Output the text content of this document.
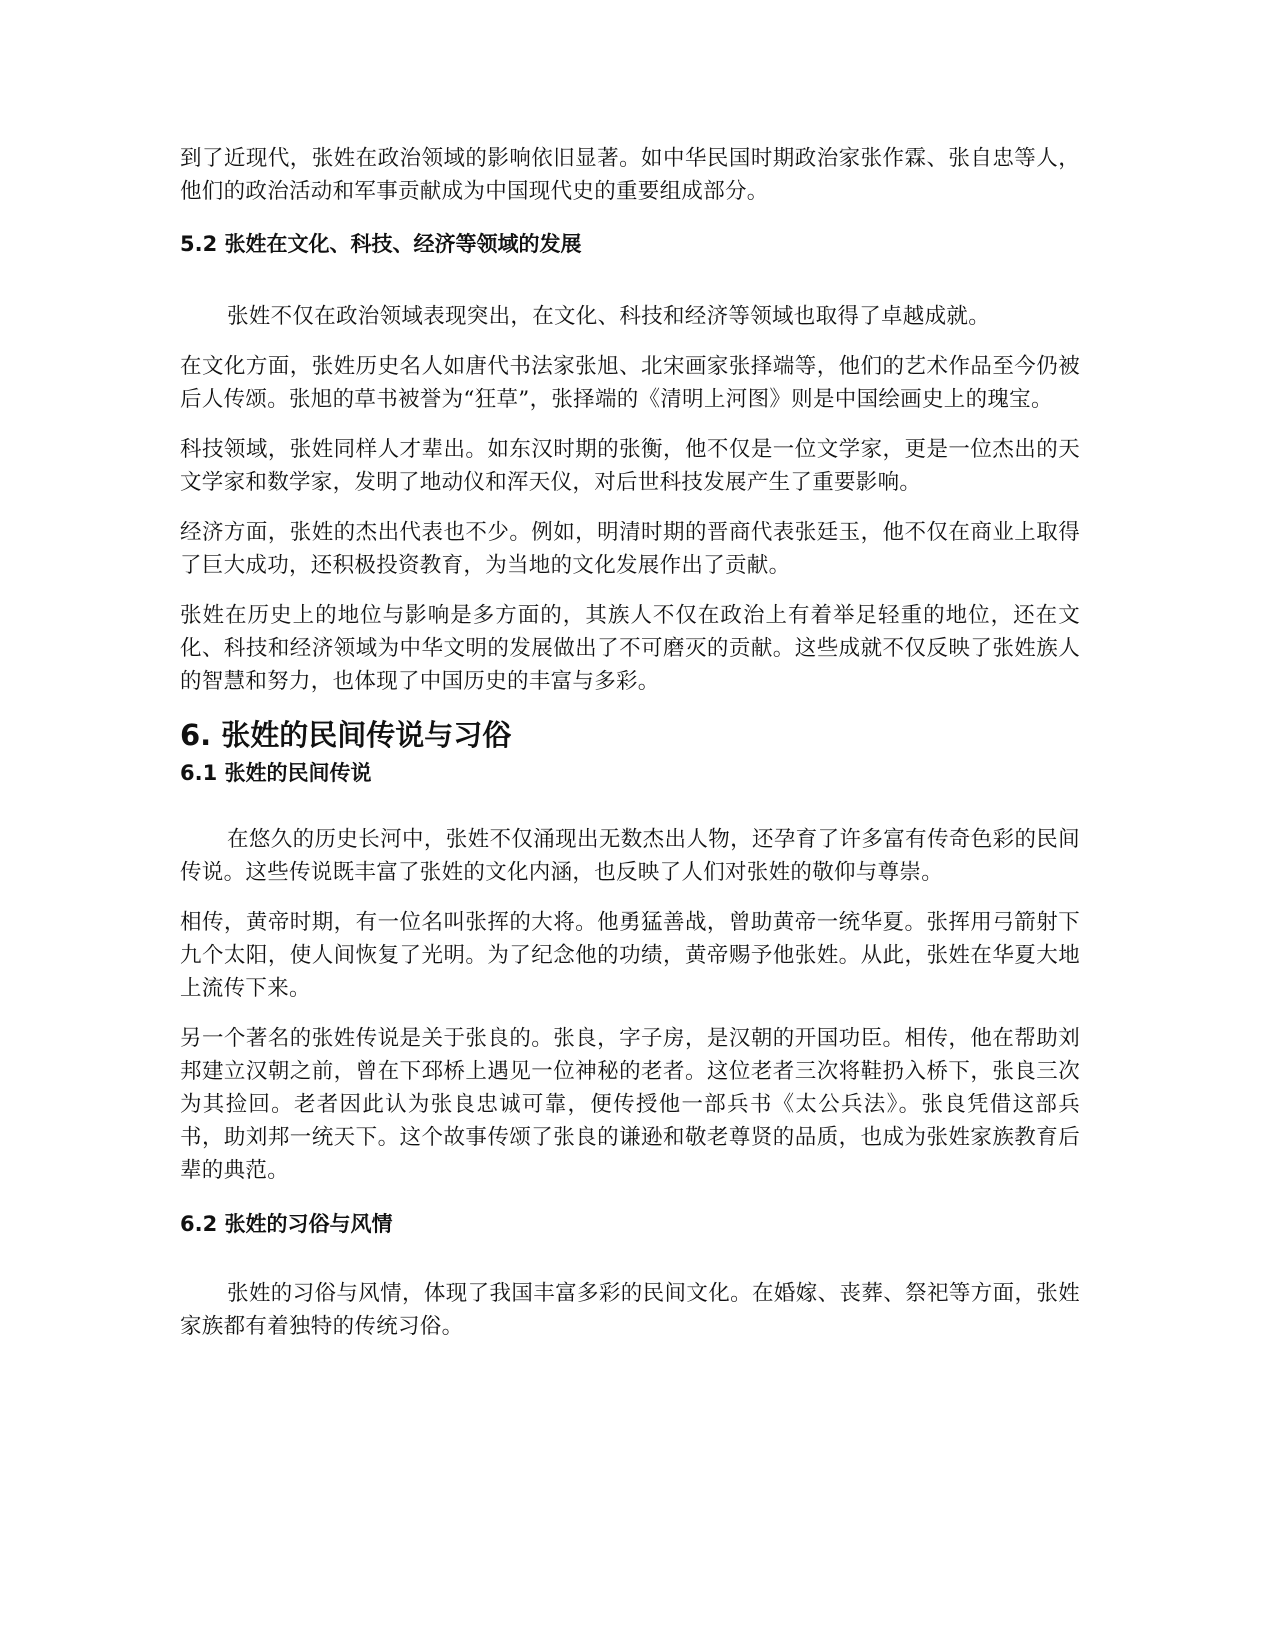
到了近现代，张姓在政治领域的影响依旧显著。如中华民国时期政治家张作霖、张自忠等人，他们的政治活动和军事贡献成为中国现代史的重要组成部分。

5.2 张姓在文化、科技、经济等领域的发展

张姓不仅在政治领域表现突出，在文化、科技和经济等领域也取得了卓越成就。

在文化方面，张姓历史名人如唐代书法家张旭、北宋画家张择端等，他们的艺术作品至今仍被后人传颂。张旭的草书被誉为“狂草”，张择端的《清明上河图》则是中国绘画史上的瑰宝。

科技领域，张姓同样人才辈出。如东汉时期的张衡，他不仅是一位文学家，更是一位杰出的天文学家和数学家，发明了地动仪和浑天仪，对后世科技发展产生了重要影响。

经济方面，张姓的杰出代表也不少。例如，明清时期的晋商代表张廷玉，他不仅在商业上取得了巨大成功，还积极投资教育，为当地的文化发展作出了贡献。

张姓在历史上的地位与影响是多方面的，其族人不仅在政治上有着举足轻重的地位，还在文化、科技和经济领域为中华文明的发展做出了不可磨灭的贡献。这些成就不仅反映了张姓族人的智慧和努力，也体现了中国历史的丰富与多彩。

6. 张姓的民间传说与习俗
6.1 张姓的民间传说

在悠久的历史长河中，张姓不仅涌现出无数杰出人物，还孕育了许多富有传奇色彩的民间传说。这些传说既丰富了张姓的文化内涵，也反映了人们对张姓的敬仰与尊崇。

相传，黄帝时期，有一位名叫张挥的大将。他勇猛善战，曾助黄帝一统华夏。张挥用弓箭射下九个太阳，使人间恢复了光明。为了纪念他的功绩，黄帝赐予他张姓。从此，张姓在华夏大地上流传下来。

另一个著名的张姓传说是关于张良的。张良，字子房，是汉朝的开国功臣。相传，他在帮助刘邦建立汉朝之前，曾在下邳桥上遇见一位神秘的老者。这位老者三次将鞋扔入桥下，张良三次为其捡回。老者因此认为张良忠诚可靠，便传授他一部兵书《太公兵法》。张良凭借这部兵书，助刘邦一统天下。这个故事传颂了张良的谦逊和敬老尊贤的品质，也成为张姓家族教育后辈的典范。

6.2 张姓的习俗与风情

张姓的习俗与风情，体现了我国丰富多彩的民间文化。在婚嫁、丧葬、祭祀等方面，张姓家族都有着独特的传统习俗。
